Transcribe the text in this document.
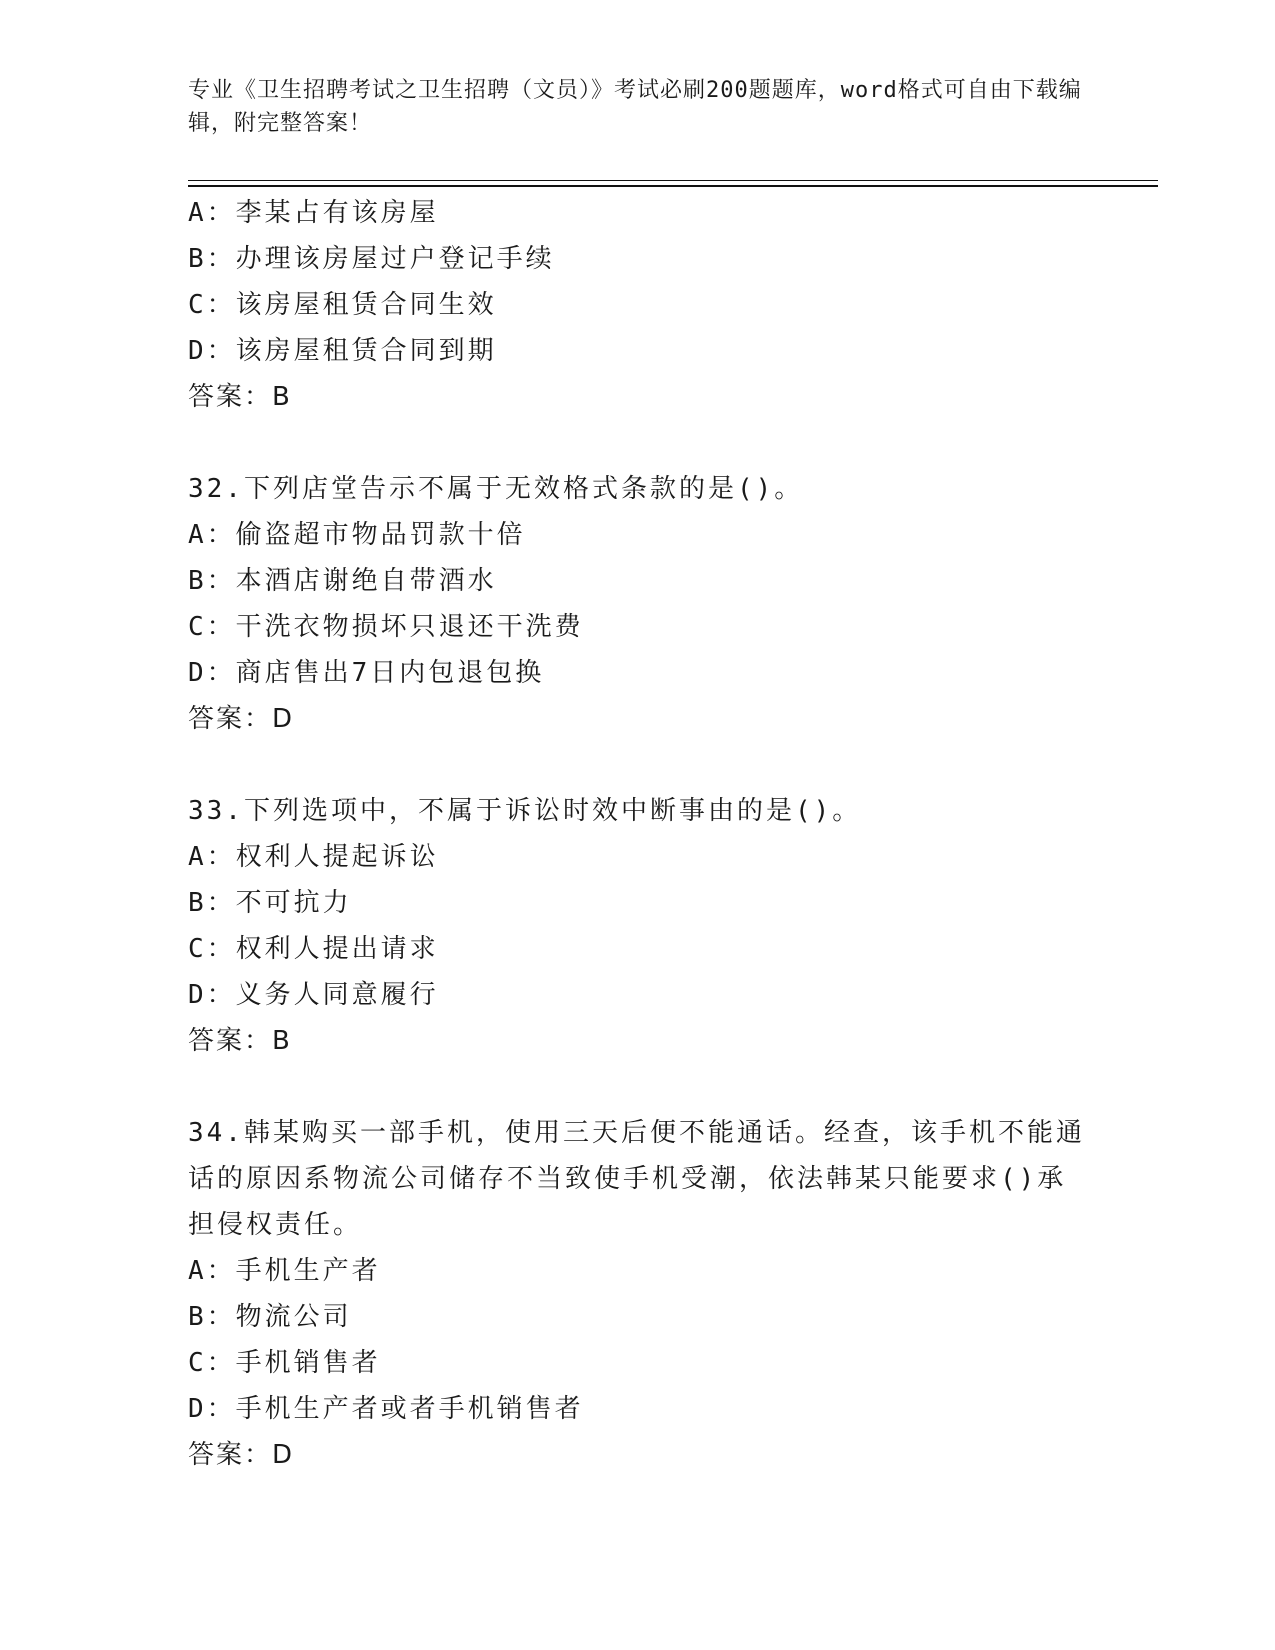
专业《卫生招聘考试之卫生招聘（文员）》考试必刷200题题库，word格式可自由下载编辑，附完整答案！
A：李某占有该房屋
B：办理该房屋过户登记手续
C：该房屋租赁合同生效
D：该房屋租赁合同到期
答案：B
32.下列店堂告示不属于无效格式条款的是()。
A：偷盗超市物品罚款十倍
B：本酒店谢绝自带酒水
C：干洗衣物损坏只退还干洗费
D：商店售出7日内包退包换
答案：D
33.下列选项中，不属于诉讼时效中断事由的是()。
A：权利人提起诉讼
B：不可抗力
C：权利人提出请求
D：义务人同意履行
答案：B
34.韩某购买一部手机，使用三天后便不能通话。经查，该手机不能通话的原因系物流公司储存不当致使手机受潮，依法韩某只能要求()承担侵权责任。
A：手机生产者
B：物流公司
C：手机销售者
D：手机生产者或者手机销售者
答案：D
